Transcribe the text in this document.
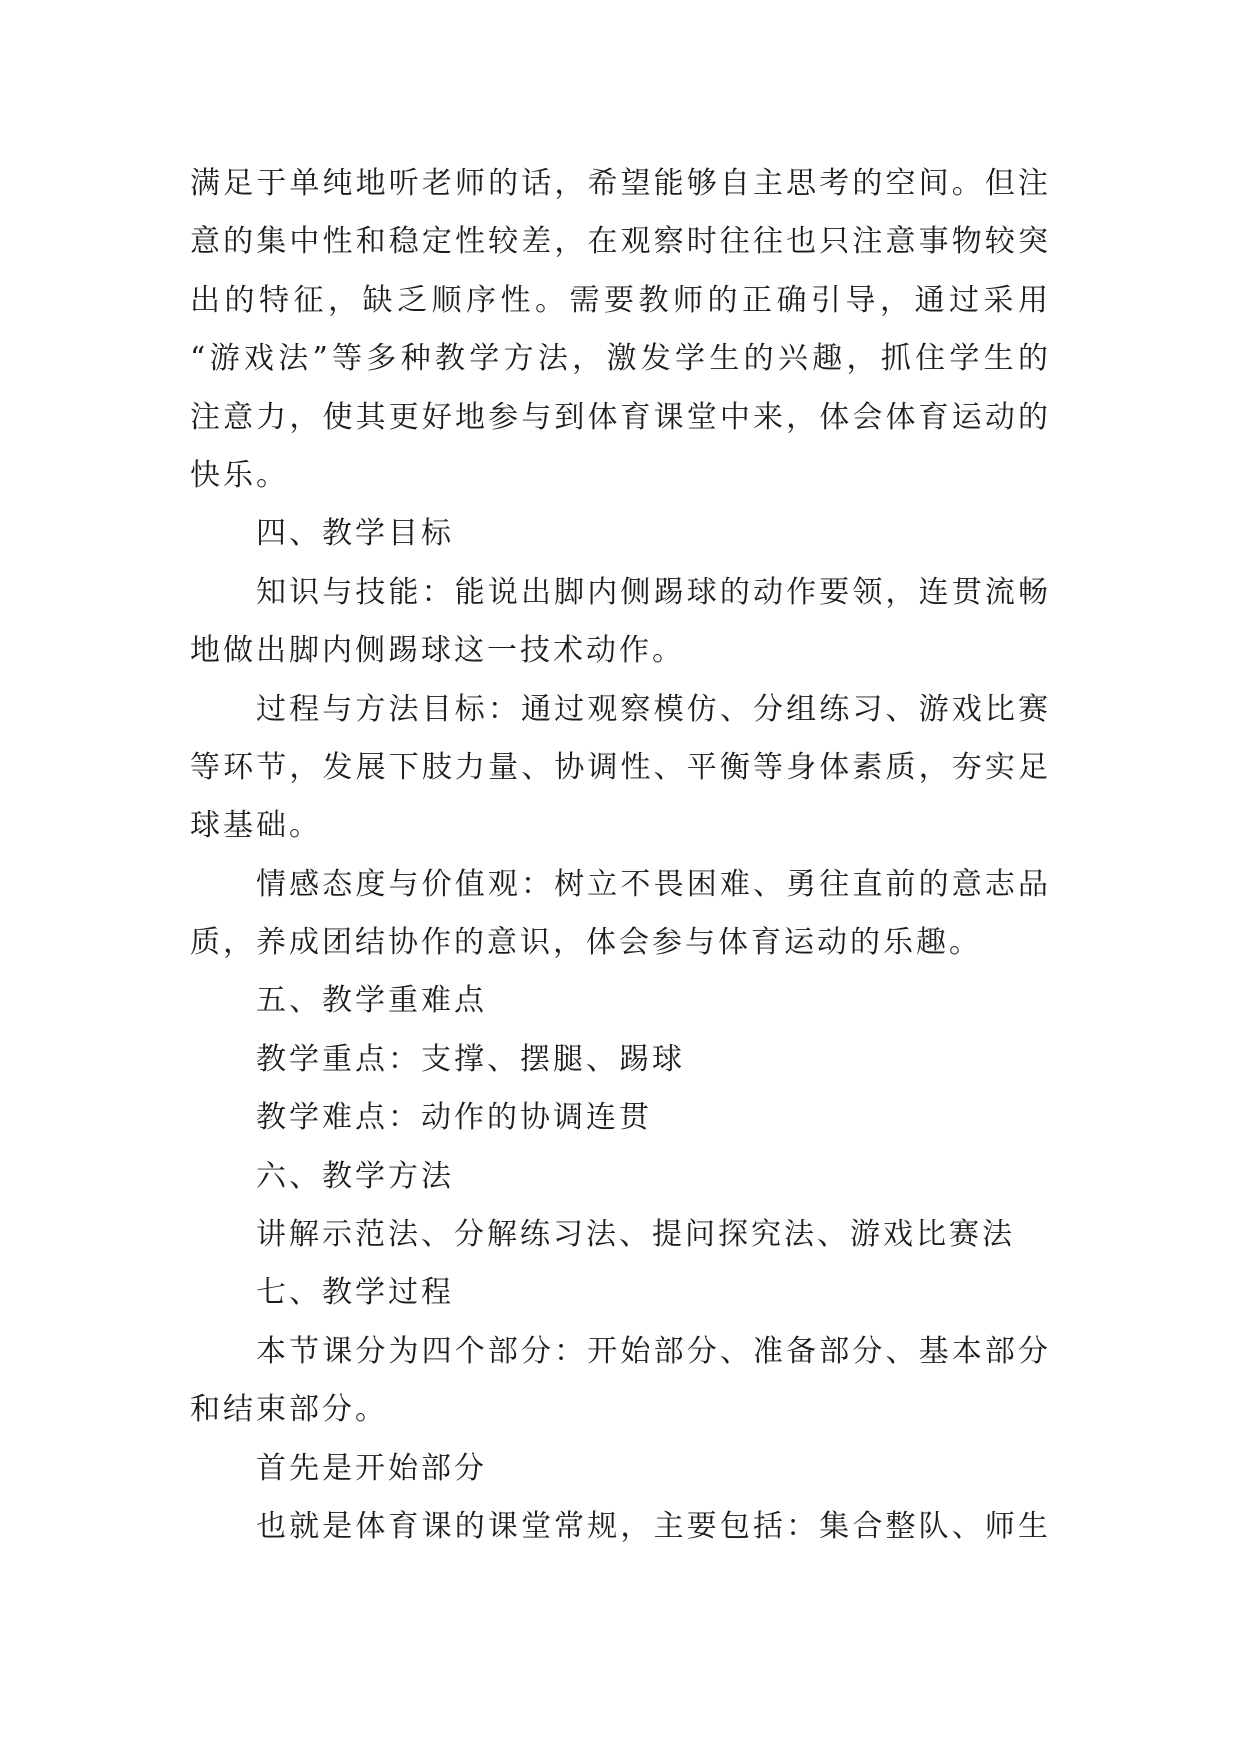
满足于单纯地听老师的话，希望能够自主思考的空间。但注
意的集中性和稳定性较差，在观察时往往也只注意事物较突
出的特征，缺乏顺序性。需要教师的正确引导，通过采用
“游戏法”等多种教学方法，激发学生的兴趣，抓住学生的
注意力，使其更好地参与到体育课堂中来，体会体育运动的
快乐。
四、教学目标
知识与技能：能说出脚内侧踢球的动作要领，连贯流畅
地做出脚内侧踢球这一技术动作。
过程与方法目标：通过观察模仿、分组练习、游戏比赛
等环节，发展下肢力量、协调性、平衡等身体素质，夯实足
球基础。
情感态度与价值观：树立不畏困难、勇往直前的意志品
质，养成团结协作的意识，体会参与体育运动的乐趣。
五、教学重难点
教学重点：支撑、摆腿、踢球
教学难点：动作的协调连贯
六、教学方法
讲解示范法、分解练习法、提问探究法、游戏比赛法
七、教学过程
本节课分为四个部分：开始部分、准备部分、基本部分
和结束部分。
首先是开始部分
也就是体育课的课堂常规，主要包括：集合整队、师生
